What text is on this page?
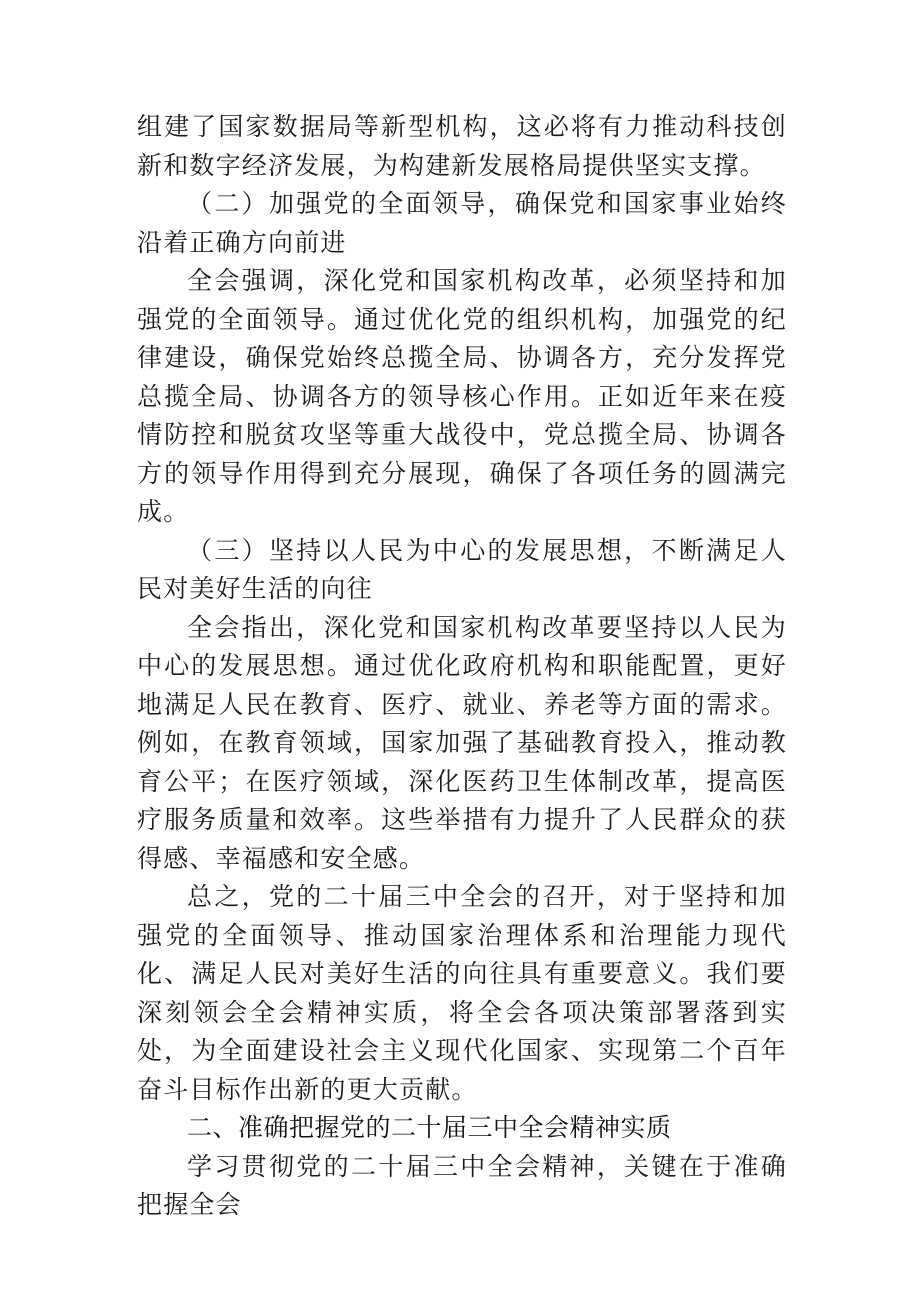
组建了国家数据局等新型机构，这必将有力推动科技创新和数字经济发展，为构建新发展格局提供坚实支撑。

（二）加强党的全面领导，确保党和国家事业始终沿着正确方向前进

全会强调，深化党和国家机构改革，必须坚持和加强党的全面领导。通过优化党的组织机构，加强党的纪律建设，确保党始终总揽全局、协调各方，充分发挥党总揽全局、协调各方的领导核心作用。正如近年来在疫情防控和脱贫攻坚等重大战役中，党总揽全局、协调各方的领导作用得到充分展现，确保了各项任务的圆满完成。

（三）坚持以人民为中心的发展思想，不断满足人民对美好生活的向往

全会指出，深化党和国家机构改革要坚持以人民为中心的发展思想。通过优化政府机构和职能配置，更好地满足人民在教育、医疗、就业、养老等方面的需求。例如，在教育领域，国家加强了基础教育投入，推动教育公平；在医疗领域，深化医药卫生体制改革，提高医疗服务质量和效率。这些举措有力提升了人民群众的获得感、幸福感和安全感。

总之，党的二十届三中全会的召开，对于坚持和加强党的全面领导、推动国家治理体系和治理能力现代化、满足人民对美好生活的向往具有重要意义。我们要深刻领会全会精神实质，将全会各项决策部署落到实处，为全面建设社会主义现代化国家、实现第二个百年奋斗目标作出新的更大贡献。

二、准确把握党的二十届三中全会精神实质

学习贯彻党的二十届三中全会精神，关键在于准确把握全会
